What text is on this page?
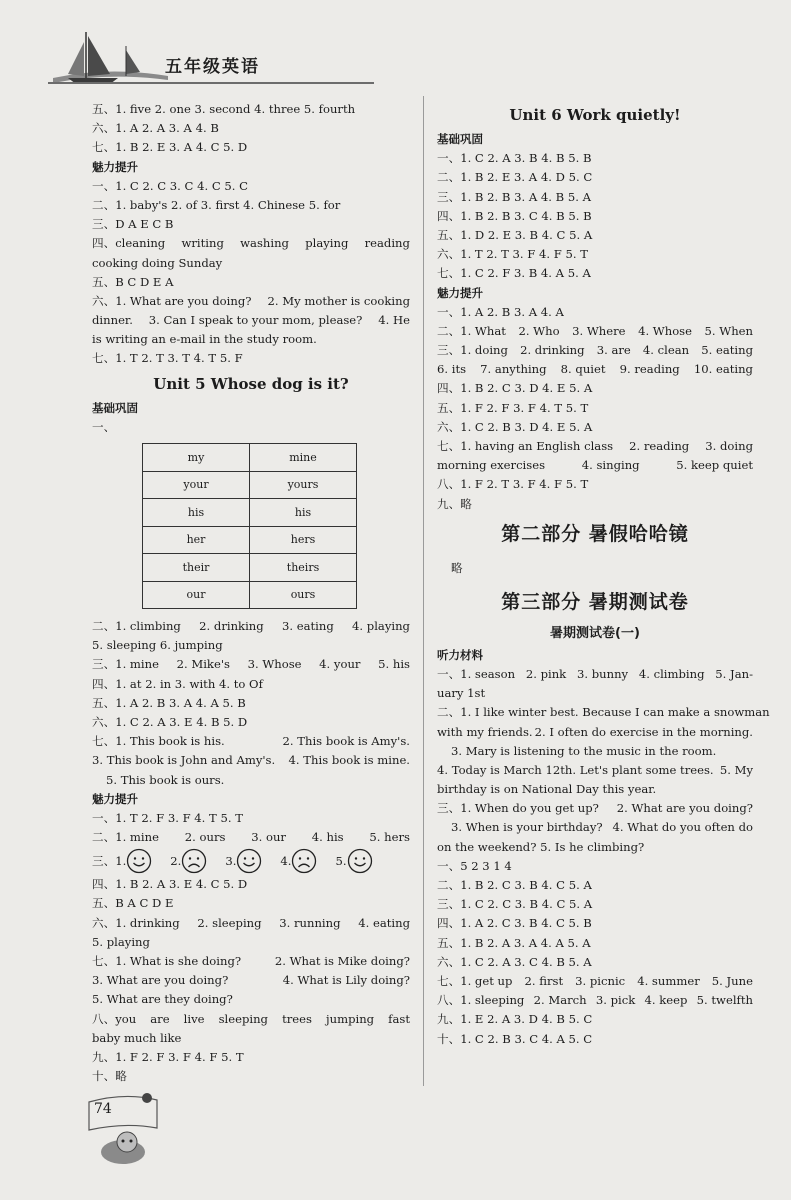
五年级英语
五、1. five 2. one 3. second 4. three 5. fourth
六、1. A 2. A 3. A 4. B
七、1. B 2. E 3. A 4. C 5. D
魅力提升
一、1. C 2. C 3. C 4. C 5. C
二、1. baby's 2. of 3. first 4. Chinese 5. for
三、D A E C B
四、cleaning writing washing playing reading
cooking doing Sunday
五、B C D E A
六、1. What are you doing? 2. My mother is cooking
dinner. 3. Can I speak to your mom, please? 4. He
is writing an e-mail in the study room.
七、1. T 2. T 3. T 4. T 5. F
Unit 5 Whose dog is it?
基础巩固
一、
my	mine
your	yours
his	his
her	hers
their	theirs
our	ours
二、1. climbing 2. drinking 3. eating 4. playing
5. sleeping 6. jumping
三、1. mine 2. Mike's 3. Whose 4. your 5. his
四、1. at 2. in 3. with 4. to Of
五、1. A 2. B 3. A 4. A 5. B
六、1. C 2. A 3. E 4. B 5. D
七、1. This book is his.	2. This book is Amy's.
3. This book is John and Amy's. 4. This book is mine.
5. This book is ours.
魅力提升
一、1. T 2. F 3. F 4. T 5. T
二、1. mine 2. ours 3. our 4. his 5. hers
三、 1.	2.	3.	4.	5.
四、1. B 2. A 3. E 4. C 5. D
五、B A C D E
六、1. drinking 2. sleeping 3. running 4. eating
5. playing
七、1. What is she doing?	2. What is Mike doing?
3. What are you doing?	4. What is Lily doing?
5. What are they doing?
八、you are live sleeping trees jumping fast
baby much like
九、1. F 2. F 3. F 4. F 5. T
十、略
Unit 6 Work quietly!
基础巩固
一、1. C 2. A 3. B 4. B 5. B
二、1. B 2. E 3. A 4. D 5. C
三、1. B 2. B 3. A 4. B 5. A
四、1. B 2. B 3. C 4. B 5. B
五、1. D 2. E 3. B 4. C 5. A
六、1. T 2. T 3. F 4. F 5. T
七、1. C 2. F 3. B 4. A 5. A
魅力提升
一、1. A 2. B 3. A 4. A
二、1. What 2. Who 3. Where 4. Whose 5. When
三、1. doing 2. drinking 3. are 4. clean 5. eating
6. its 7. anything 8. quiet 9. reading 10. eating
四、1. B 2. C 3. D 4. E 5. A
五、1. F 2. F 3. F 4. T 5. T
六、1. C 2. B 3. D 4. E 5. A
七、1. having an English class 2. reading 3. doing
morning exercises	4. singing	5. keep quiet
八、1. F 2. T 3. F 4. F 5. T
九、略
第二部分 暑假哈哈镜
略
第三部分 暑期测试卷
暑期测试卷(一)
听力材料
一、1. season 2. pink 3. bunny 4. climbing 5. Jan-
uary 1st
二、1. I like winter best. Because I can make a snowman
with my friends. 2. I often do exercise in the morning.
3. Mary is listening to the music in the room.
4. Today is March 12th. Let's plant some trees. 5. My
birthday is on National Day this year.
三、1. When do you get up? 2. What are you doing?
3. When is your birthday? 4. What do you often do
on the weekend? 5. Is he climbing?
一、5 2 3 1 4
二、1. B 2. C 3. B 4. C 5. A
三、1. C 2. C 3. B 4. C 5. A
四、1. A 2. C 3. B 4. C 5. B
五、1. B 2. A 3. A 4. A 5. A
六、1. C 2. A 3. C 4. B 5. A
七、1. get up 2. first 3. picnic 4. summer 5. June
八、1. sleeping 2. March 3. pick 4. keep 5. twelfth
九、1. E 2. A 3. D 4. B 5. C
十、1. C 2. B 3. C 4. A 5. C
74
